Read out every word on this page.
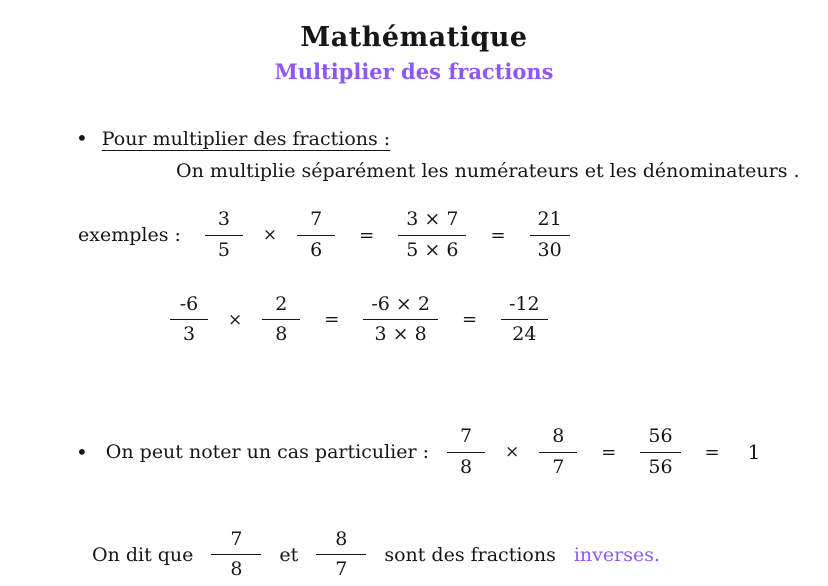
Mathématique
Multiplier des fractions
• Pour multiplier des fractions :
On multiplie séparément les numérateurs et les dénominateurs .
exemples :	$\frac{3}{5} \times \frac{7}{6}$	=	$\frac{3 \times 7}{5 \times 6}$	=	$\frac{21}{30}$
$\frac{-6}{3} \times \frac{2}{8}$	=	$\frac{-6 \times 2}{3 \times 8}$	=	$\frac{-12}{24}$
• On peut noter un cas particulier : $\frac{7}{8} \times \frac{8}{7}$	=	$\frac{56}{56}$	=	1
On dit que $\frac{7}{8}$ et $\frac{8}{7}$ sont des fractions inverses.
